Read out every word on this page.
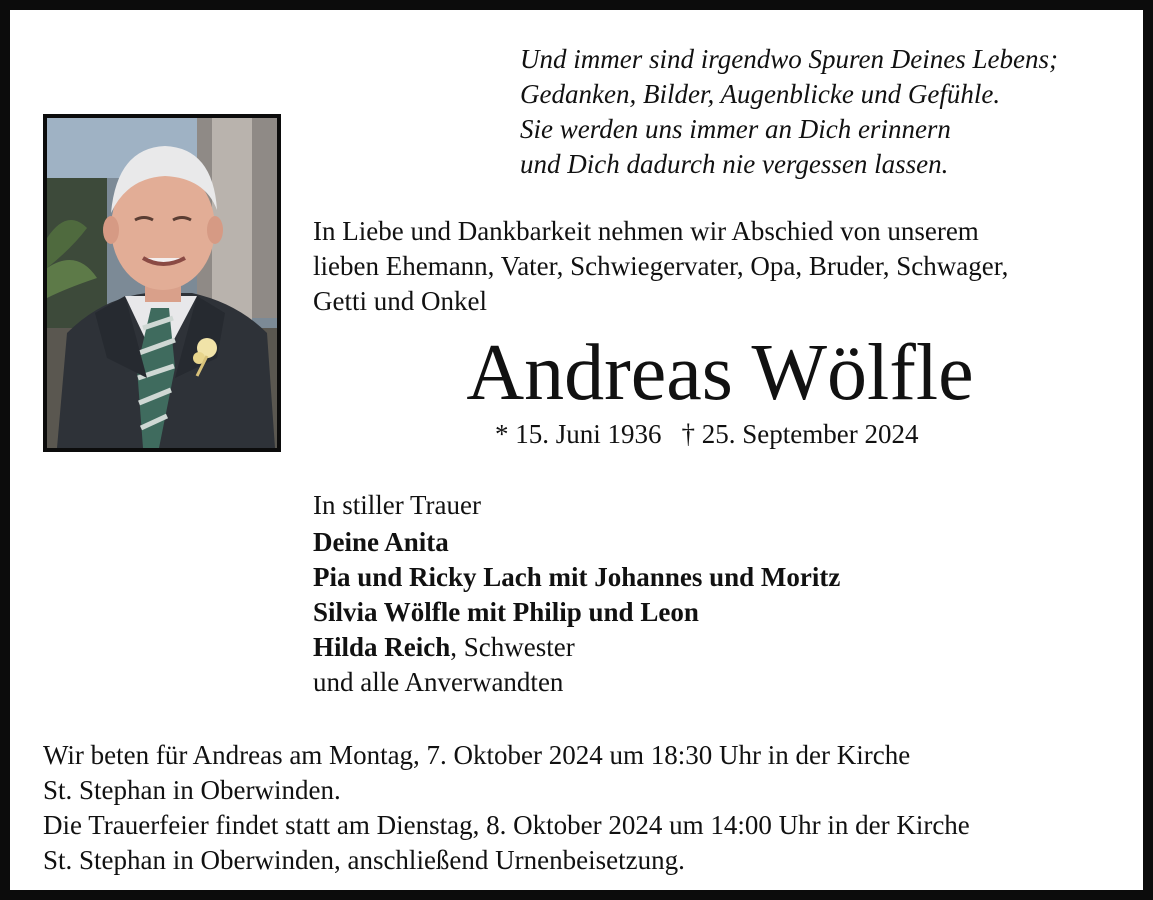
Und immer sind irgendwo Spuren Deines Lebens;
Gedanken, Bilder, Augenblicke und Gefühle.
Sie werden uns immer an Dich erinnern
und Dich dadurch nie vergessen lassen.
In Liebe und Dankbarkeit nehmen wir Abschied von unserem
lieben Ehemann, Vater, Schwiegervater, Opa, Bruder, Schwager,
Getti und Onkel
Andreas Wölfle
* 15. Juni 1936 † 25. September 2024
In stiller Trauer
Deine Anita
Pia und Ricky Lach mit Johannes und Moritz
Silvia Wölfle mit Philip und Leon
Hilda Reich, Schwester
und alle Anverwandten
Wir beten für Andreas am Montag, 7. Oktober 2024 um 18:30 Uhr in der Kirche
St. Stephan in Oberwinden.
Die Trauerfeier findet statt am Dienstag, 8. Oktober 2024 um 14:00 Uhr in der Kirche
St. Stephan in Oberwinden, anschließend Urnenbeisetzung.
